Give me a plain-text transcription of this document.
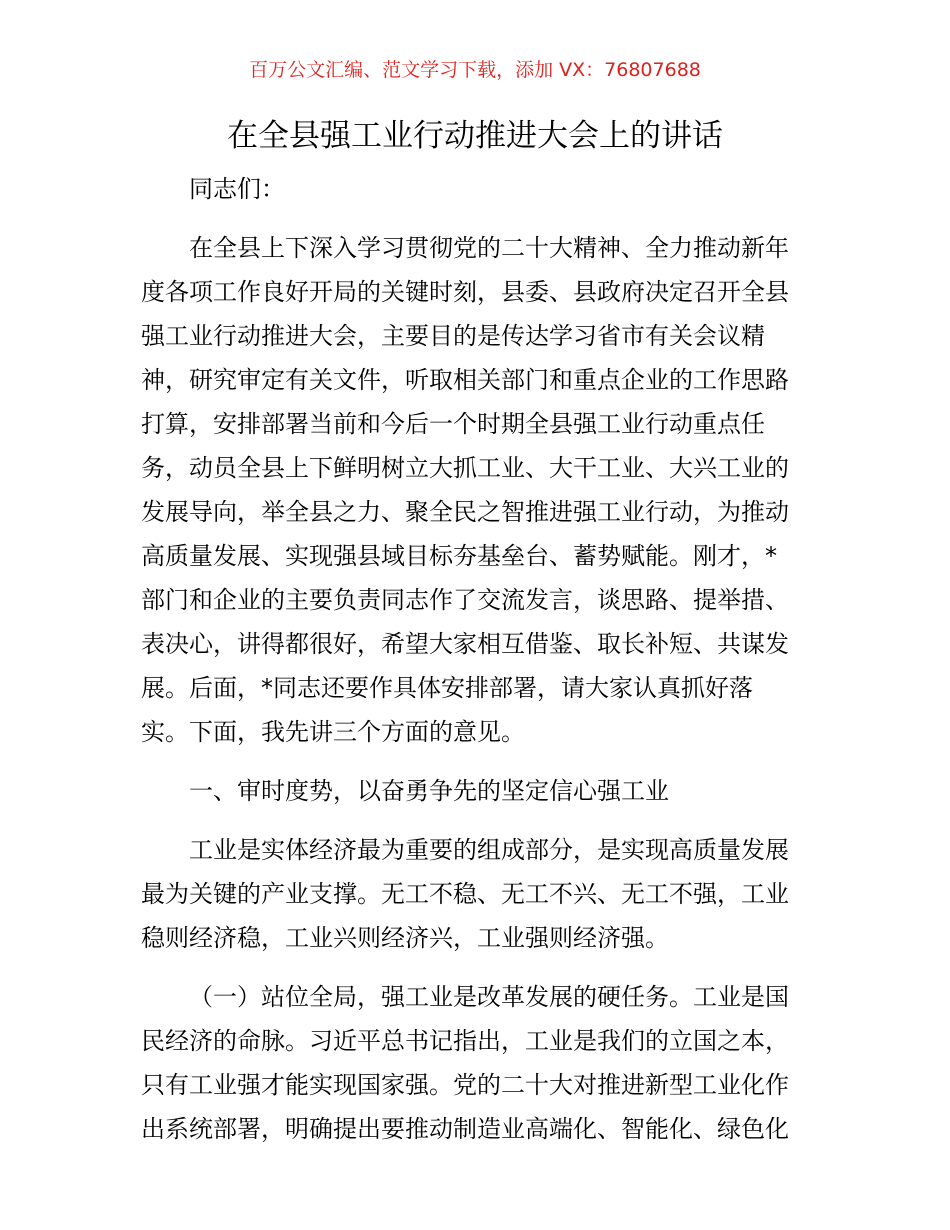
百万公文汇编、范文学习下载，添加 VX：76807688
在全县强工业行动推进大会上的讲话
同志们：
在全县上下深入学习贯彻党的二十大精神、全力推动新年
度各项工作良好开局的关键时刻，县委、县政府决定召开全县
强工业行动推进大会，主要目的是传达学习省市有关会议精
神，研究审定有关文件，听取相关部门和重点企业的工作思路
打算，安排部署当前和今后一个时期全县强工业行动重点任
务，动员全县上下鲜明树立大抓工业、大干工业、大兴工业的
发展导向，举全县之力、聚全民之智推进强工业行动，为推动
高质量发展、实现强县域目标夯基垒台、蓄势赋能。刚才，*
部门和企业的主要负责同志作了交流发言，谈思路、提举措、
表决心，讲得都很好，希望大家相互借鉴、取长补短、共谋发
展。后面，*同志还要作具体安排部署，请大家认真抓好落
实。下面，我先讲三个方面的意见。
一、审时度势，以奋勇争先的坚定信心强工业
工业是实体经济最为重要的组成部分，是实现高质量发展
最为关键的产业支撑。无工不稳、无工不兴、无工不强，工业
稳则经济稳，工业兴则经济兴，工业强则经济强。
（一）站位全局，强工业是改革发展的硬任务。工业是国
民经济的命脉。习近平总书记指出，工业是我们的立国之本，
只有工业强才能实现国家强。党的二十大对推进新型工业化作
出系统部署，明确提出要推动制造业高端化、智能化、绿色化
